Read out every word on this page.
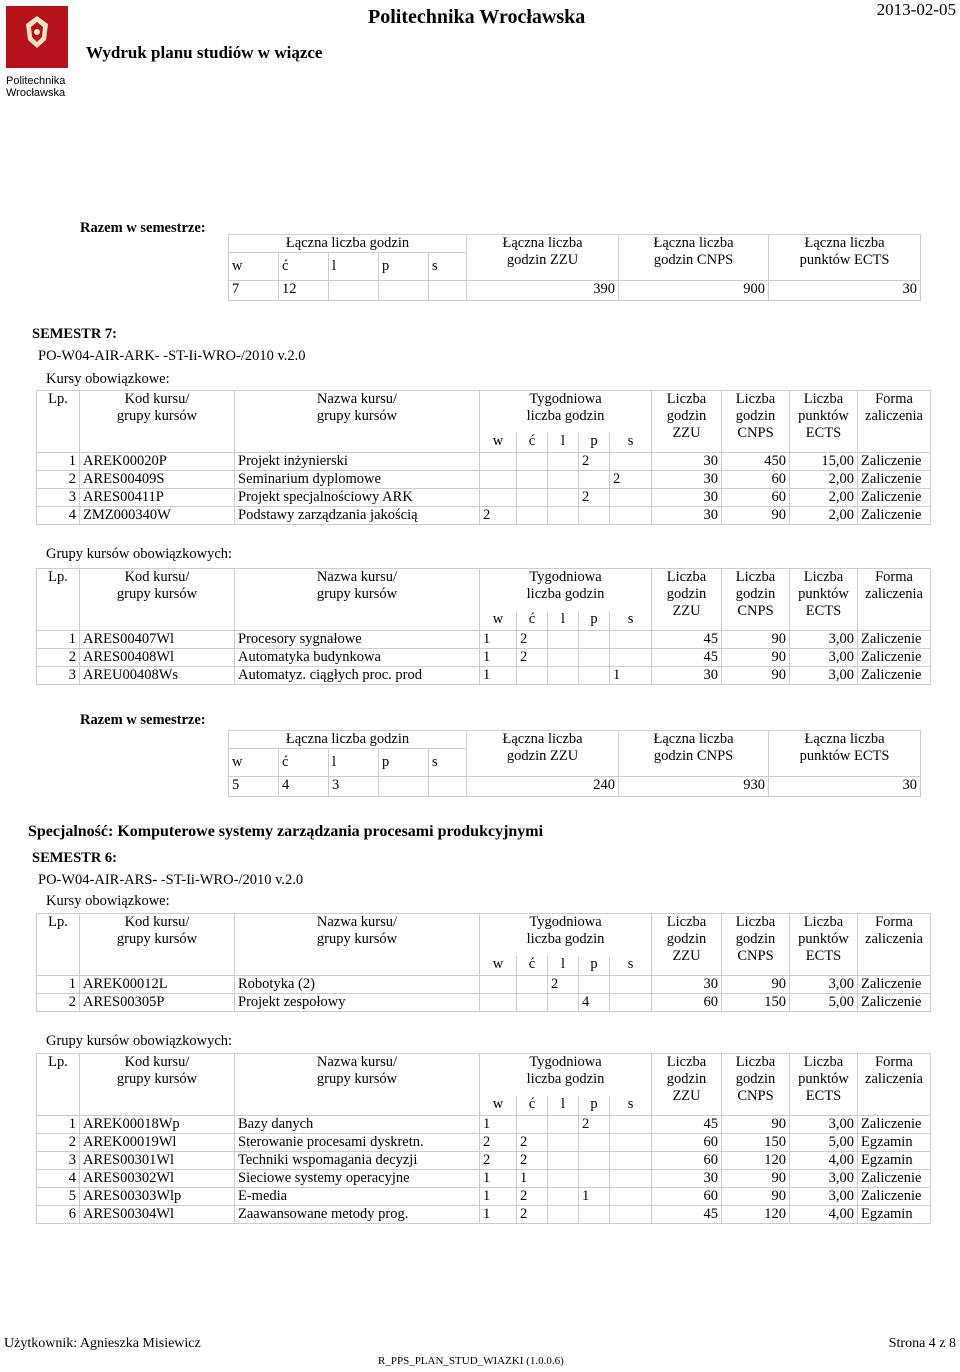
Politechnika Wrocławska
Politechnika Wrocławska
Wydruk planu studiów w wiązce
2013-02-05
Razem w semestrze:
Łączna liczba godzin					Łączna liczba
godzin ZZU	Łączna liczba
godzin CNPS	Łączna liczba
punktów ECTS
w	ć	l	p	s			
7	12				390	900	30
SEMESTR 7:
PO-W04-AIR-ARK- -ST-Ii-WRO-/2010 v.2.0
Kursy obowiązkowe:
Lp.	Kod kursu/
grupy kursów	Nazwa kursu/
grupy kursów	Tygodniowa
liczba godzin					Liczba
godzin
ZZU	Liczba
godzin
CNPS	Liczba
punktów
ECTS	Forma
zaliczenia
			w	ć	l	p	s				
1	AREK00020P	Projekt inżynierski				2		30	450	15,00	Zaliczenie
2	ARES00409S	Seminarium dyplomowe					2	30	60	2,00	Zaliczenie
3	ARES00411P	Projekt specjalnościowy ARK				2		30	60	2,00	Zaliczenie
4	ZMZ000340W	Podstawy zarządzania jakością	2					30	90	2,00	Zaliczenie
Grupy kursów obowiązkowych:
Lp.	Kod kursu/
grupy kursów	Nazwa kursu/
grupy kursów	Tygodniowa
liczba godzin					Liczba
godzin
ZZU	Liczba
godzin
CNPS	Liczba
punktów
ECTS	Forma
zaliczenia
			w	ć	l	p	s				
1	ARES00407Wl	Procesory sygnałowe	1	2				45	90	3,00	Zaliczenie
2	ARES00408Wl	Automatyka budynkowa	1	2				45	90	3,00	Zaliczenie
3	AREU00408Ws	Automatyz. ciągłych proc. prod	1				1	30	90	3,00	Zaliczenie
Razem w semestrze:
Łączna liczba godzin					Łączna liczba
godzin ZZU	Łączna liczba
godzin CNPS	Łączna liczba
punktów ECTS
w	ć	l	p	s			
5	4	3			240	930	30
Specjalność: Komputerowe systemy zarządzania procesami produkcyjnymi
SEMESTR 6:
PO-W04-AIR-ARS- -ST-Ii-WRO-/2010 v.2.0
Kursy obowiązkowe:
Lp.	Kod kursu/
grupy kursów	Nazwa kursu/
grupy kursów	Tygodniowa
liczba godzin					Liczba
godzin
ZZU	Liczba
godzin
CNPS	Liczba
punktów
ECTS	Forma
zaliczenia
			w	ć	l	p	s				
1	AREK00012L	Robotyka (2)			2			30	90	3,00	Zaliczenie
2	ARES00305P	Projekt zespołowy				4		60	150	5,00	Zaliczenie
Grupy kursów obowiązkowych:
Lp.	Kod kursu/
grupy kursów	Nazwa kursu/
grupy kursów	Tygodniowa
liczba godzin					Liczba
godzin
ZZU	Liczba
godzin
CNPS	Liczba
punktów
ECTS	Forma
zaliczenia
			w	ć	l	p	s				
1	AREK00018Wp	Bazy danych	1			2		45	90	3,00	Zaliczenie
2	AREK00019Wl	Sterowanie procesami dyskretn.	2	2				60	150	5,00	Egzamin
3	ARES00301Wl	Techniki wspomagania decyzji	2	2				60	120	4,00	Egzamin
4	ARES00302Wl	Sieciowe systemy operacyjne	1	1				30	90	3,00	Zaliczenie
5	ARES00303Wlp	E-media	1	2		1		60	90	3,00	Zaliczenie
6	ARES00304Wl	Zaawansowane metody prog.	1	2				45	120	4,00	Egzamin
Użytkownik: Agnieszka Misiewicz	Strona 4 z 8
R_PPS_PLAN_STUD_WIAZKI (1.0.0.6)
